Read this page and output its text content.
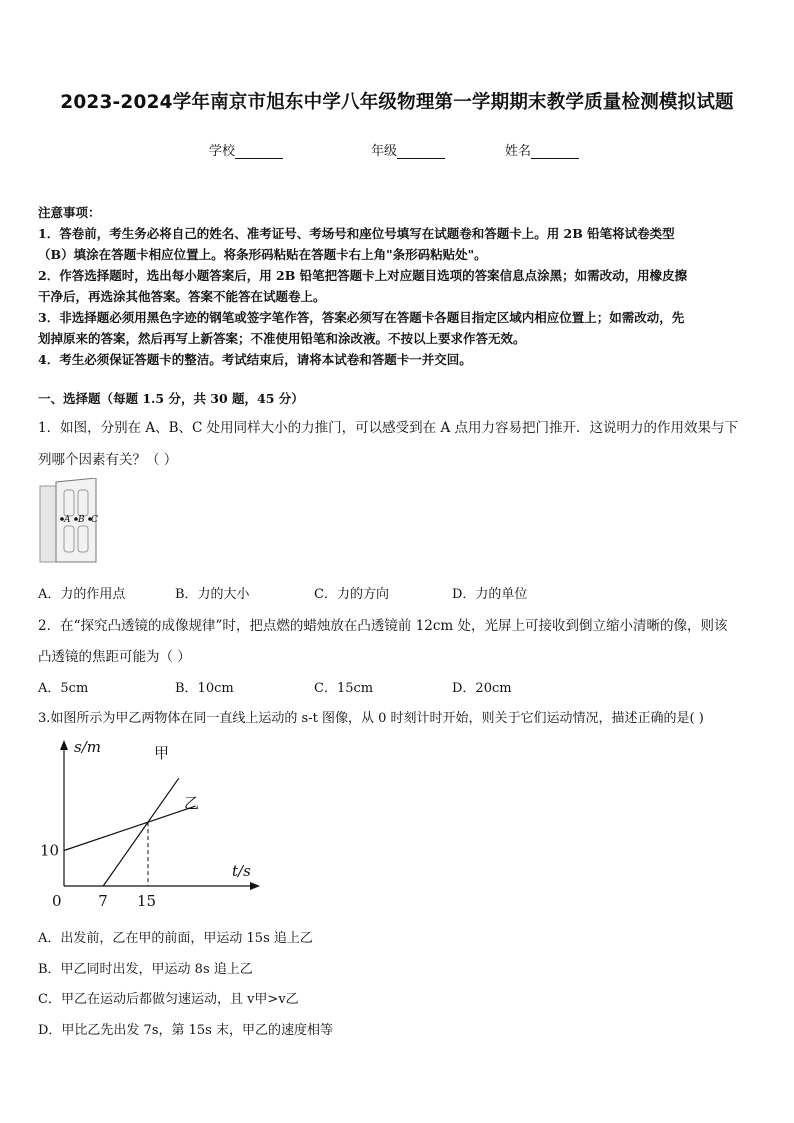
2023-2024学年南京市旭东中学八年级物理第一学期期末教学质量检测模拟试题
学校	年级	姓名
注意事项：
1．答卷前，考生务必将自己的姓名、准考证号、考场号和座位号填写在试题卷和答题卡上。用 2B 铅笔将试卷类型
（B）填涂在答题卡相应位置上。将条形码粘贴在答题卡右上角"条形码粘贴处"。
2．作答选择题时，选出每小题答案后，用 2B 铅笔把答题卡上对应题目选项的答案信息点涂黑；如需改动，用橡皮擦
干净后，再选涂其他答案。答案不能答在试题卷上。
3．非选择题必须用黑色字迹的钢笔或签字笔作答，答案必须写在答题卡各题目指定区域内相应位置上；如需改动，先
划掉原来的答案，然后再写上新答案；不准使用铅笔和涂改液。不按以上要求作答无效。
4．考生必须保证答题卡的整洁。考试结束后，请将本试卷和答题卡一并交回。
一、选择题（每题 1.5 分，共 30 题，45 分）
1．如图，分别在 A、B、C 处用同样大小的力推门，可以感受到在 A 点用力容易把门推开．这说明力的作用效果与下
列哪个因素有关？（ ）
A B C
A．力的作用点	B．力的大小	C．力的方向	D．力的单位
2．在“探究凸透镜的成像规律”时，把点燃的蜡烛放在凸透镜前 12cm 处，光屏上可接收到倒立缩小清晰的像，则该
凸透镜的焦距可能为（ ）
A．5cm	B．10cm	C．15cm	D．20cm
3.如图所示为甲乙两物体在同一直线上运动的 s-t 图像，从 0 时刻计时开始，则关于它们运动情况，描述正确的是( )
s/m
t/s
0 7 15
10
甲
乙
A．出发前，乙在甲的前面，甲运动 15s 追上乙
B．甲乙同时出发，甲运动 8s 追上乙
C．甲乙在运动后都做匀速运动，且 v甲>v乙
D．甲比乙先出发 7s，第 15s 末，甲乙的速度相等
